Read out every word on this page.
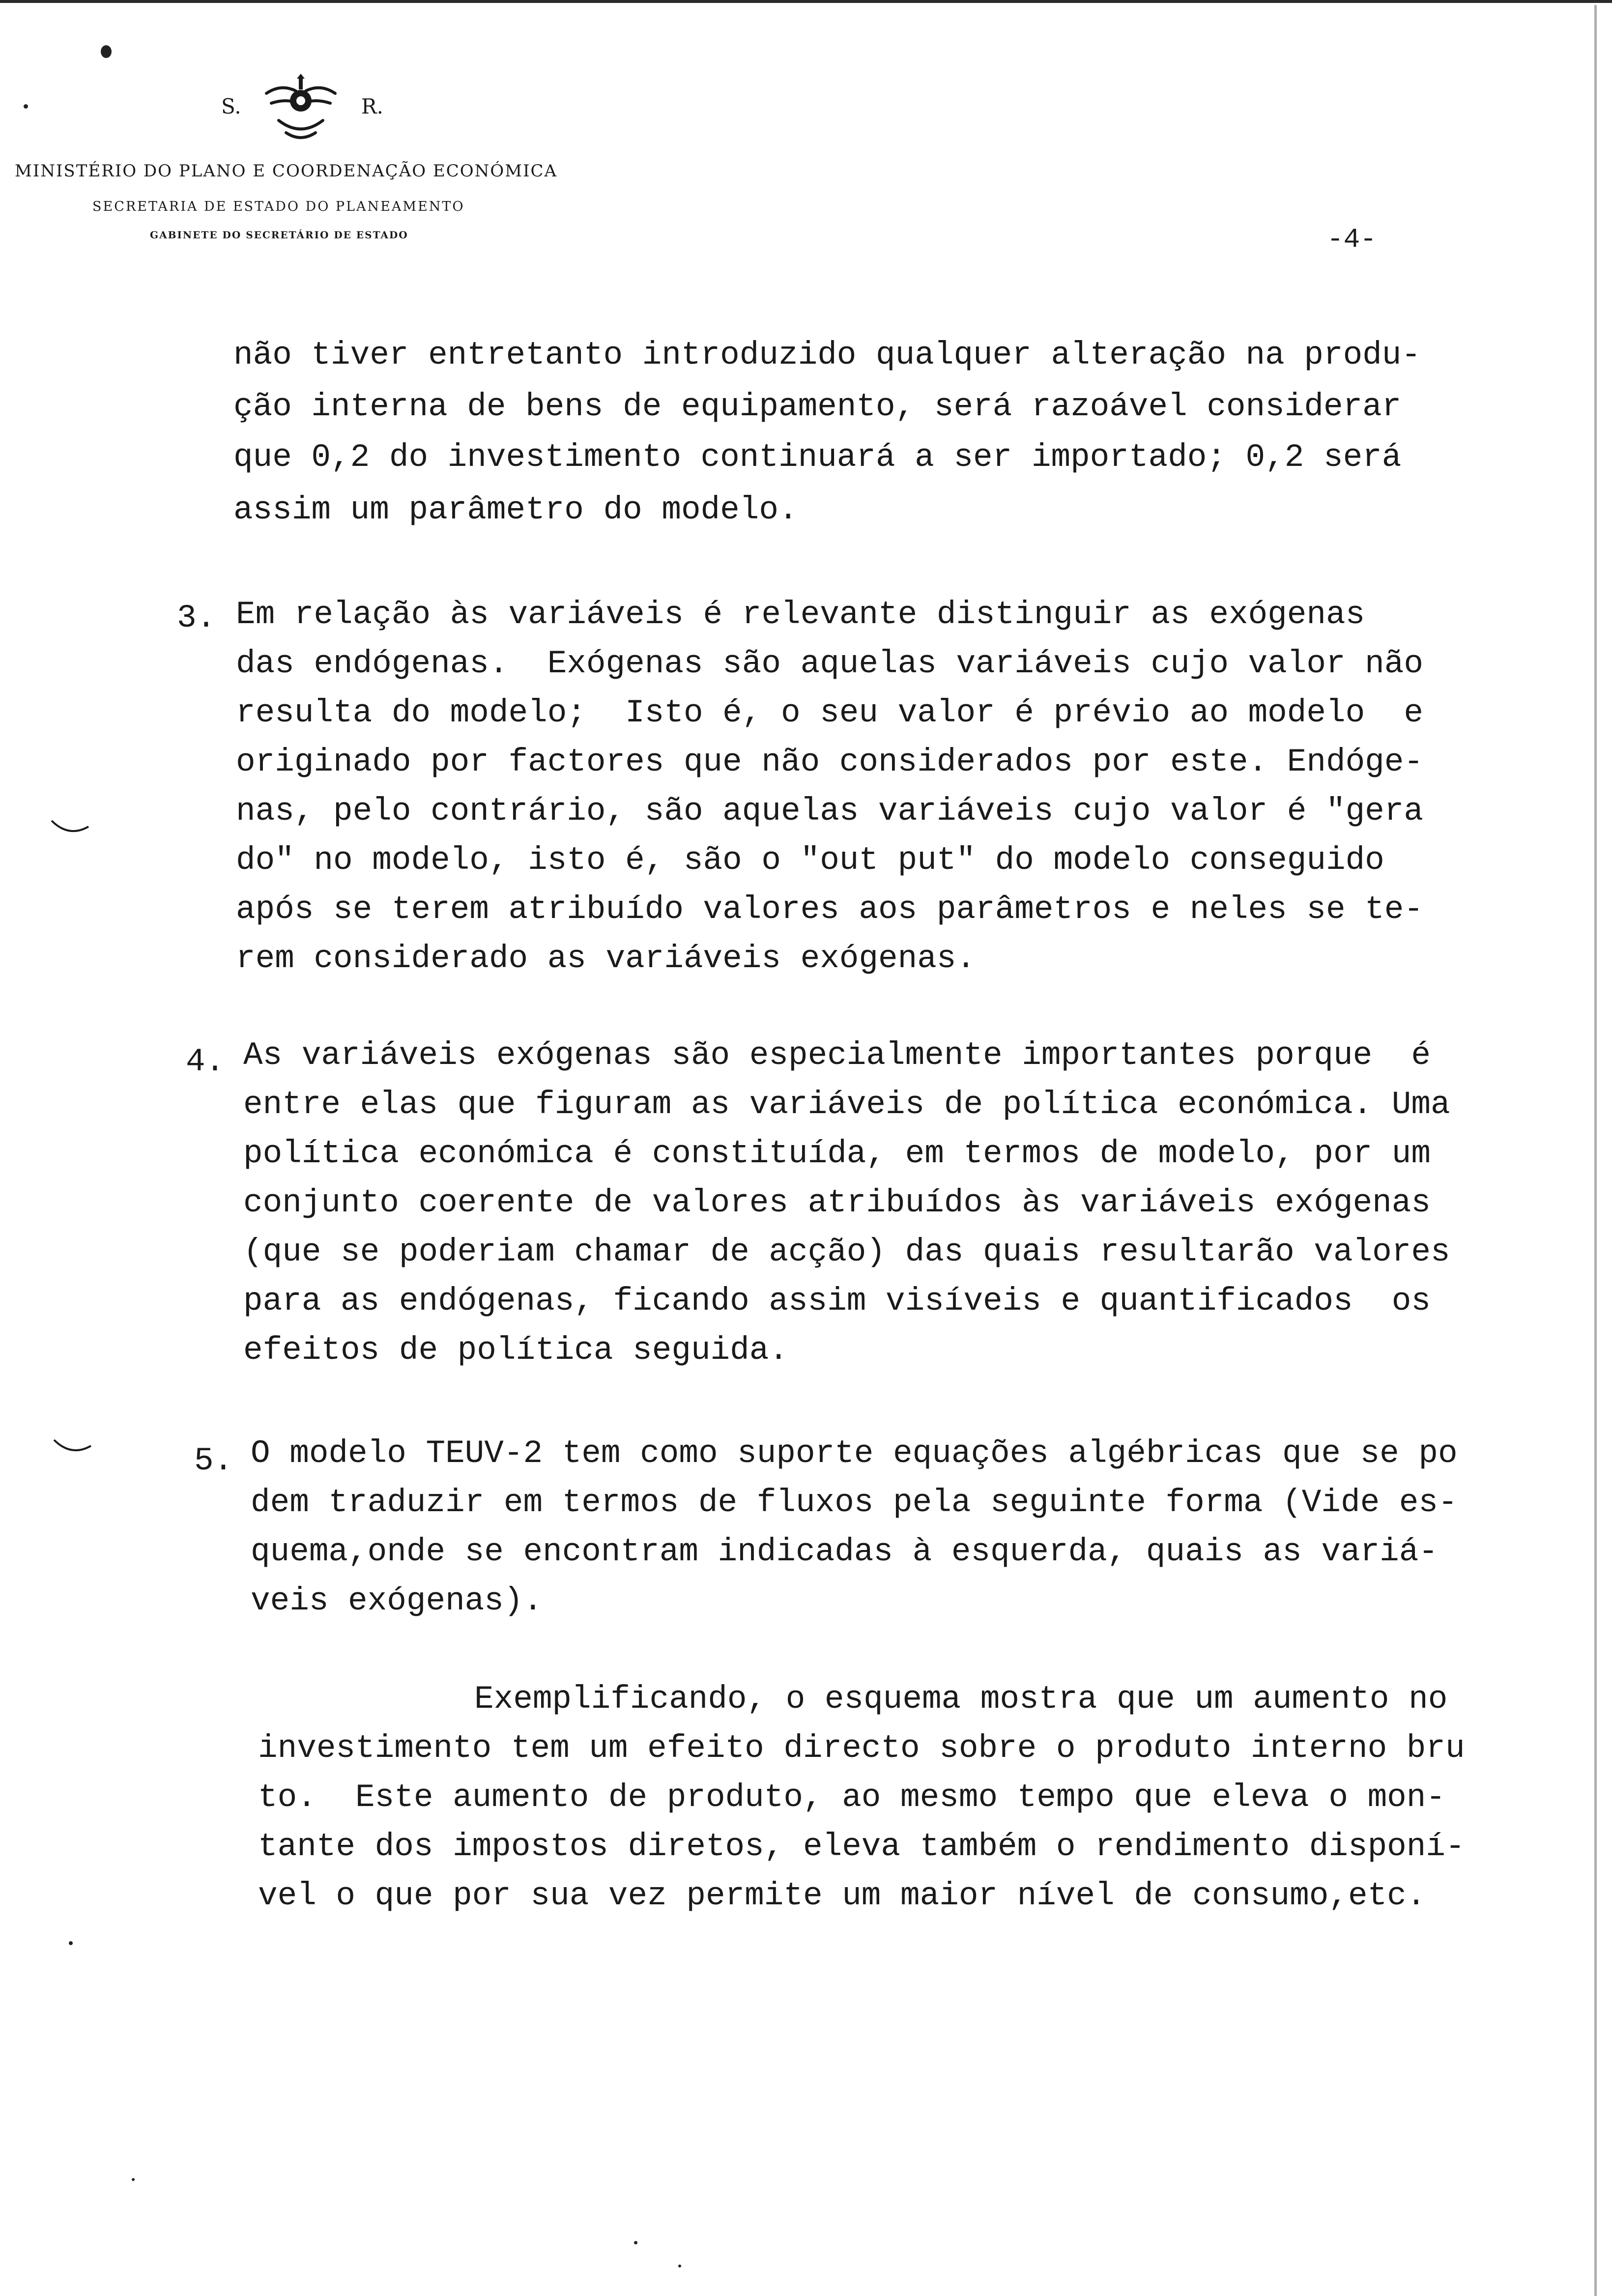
S.	R.
MINISTÉRIO DO PLANO E COORDENAÇÃO ECONÓMICA
SECRETARIA DE ESTADO DO PLANEAMENTO
GABINETE DO SECRETÁRIO DE ESTADO	-4-
não tiver entretanto introduzido qualquer alteração na produ-
ção interna de bens de equipamento, será razoável considerar
que 0,2 do investimento continuará a ser importado; 0,2 será
assim um parâmetro do modelo.
3. Em relação às variáveis é relevante distinguir as exógenas
das endógenas.  Exógenas são aquelas variáveis cujo valor não
resulta do modelo;  Isto é, o seu valor é prévio ao modelo  e
originado por factores que não considerados por este. Endóge-
nas, pelo contrário, são aquelas variáveis cujo valor é "gera
do" no modelo, isto é, são o "out put" do modelo conseguido
após se terem atribuído valores aos parâmetros e neles se te-
rem considerado as variáveis exógenas.
4. As variáveis exógenas são especialmente importantes porque  é
entre elas que figuram as variáveis de política económica. Uma
política económica é constituída, em termos de modelo, por um
conjunto coerente de valores atribuídos às variáveis exógenas
(que se poderiam chamar de acção) das quais resultarão valores
para as endógenas, ficando assim visíveis e quantificados  os
efeitos de política seguida.
5. O modelo TEUV-2 tem como suporte equações algébricas que se po
dem traduzir em termos de fluxos pela seguinte forma (Vide es-
quema,onde se encontram indicadas à esquerda, quais as variá-
veis exógenas).
Exemplificando, o esquema mostra que um aumento no
investimento tem um efeito directo sobre o produto interno bru
to.  Este aumento de produto, ao mesmo tempo que eleva o mon-
tante dos impostos diretos, eleva também o rendimento disponí-
vel o que por sua vez permite um maior nível de consumo,etc.
